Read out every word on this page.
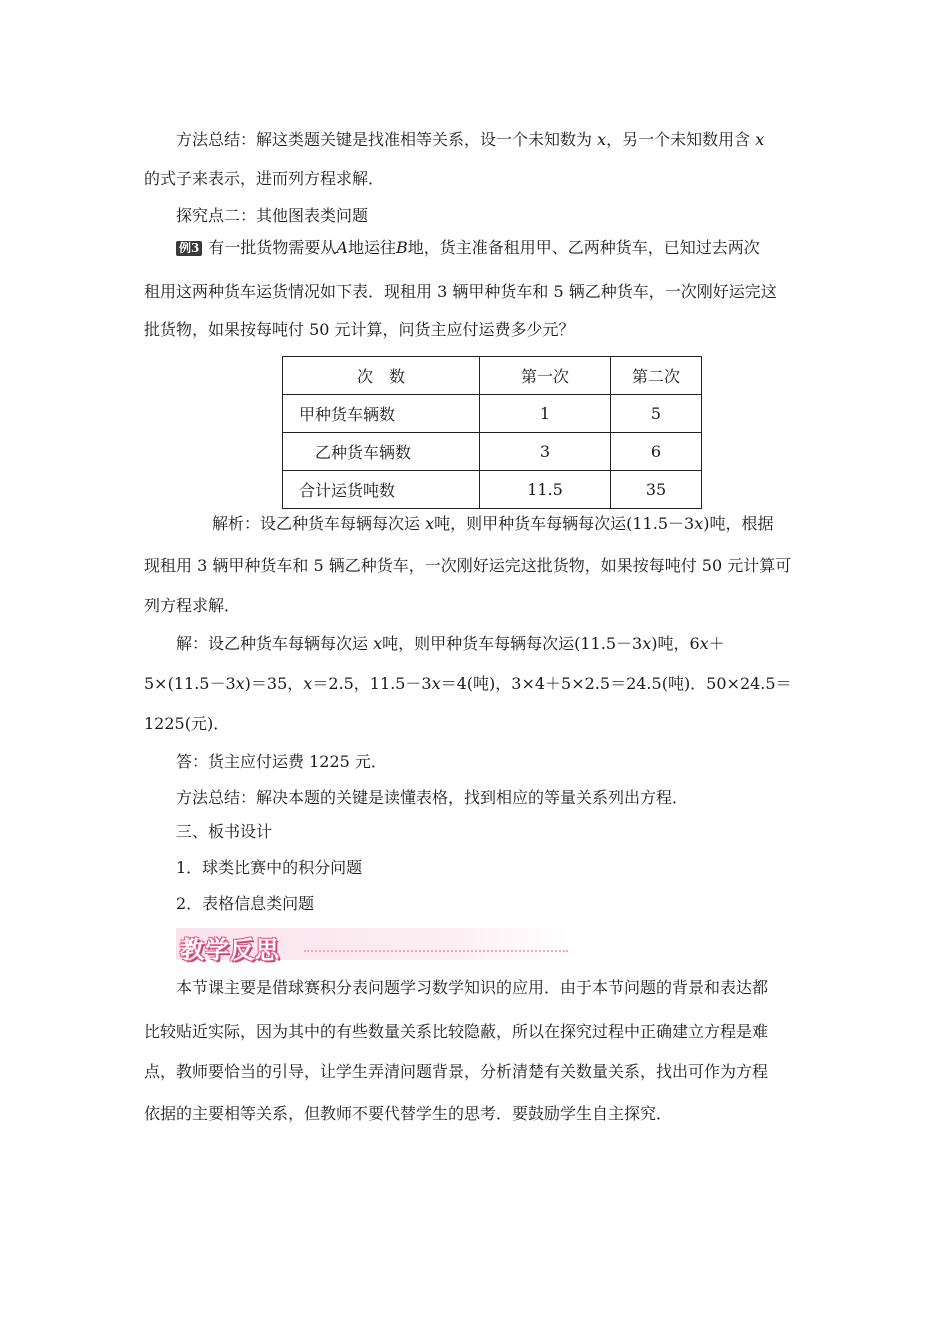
方法总结：解这类题关键是找准相等关系，设一个未知数为 x，另一个未知数用含 x
的式子来表示，进而列方程求解．
探究点二：其他图表类问题
例3 有一批货物需要从A地运往B地，货主准备租用甲、乙两种货车，已知过去两次
租用这两种货车运货情况如下表．现租用 3 辆甲种货车和 5 辆乙种货车，一次刚好运完这
批货物，如果按每吨付 50 元计算，问货主应付运费多少元？
次　数	第一次	第二次
甲种货车辆数	1	5
乙种货车辆数	3	6
合计运货吨数	11.5	35
解析：设乙种货车每辆每次运 x吨，则甲种货车每辆每次运(11.5－3x)吨，根据
现租用 3 辆甲种货车和 5 辆乙种货车，一次刚好运完这批货物，如果按每吨付 50 元计算可
列方程求解．
解：设乙种货车每辆每次运 x吨，则甲种货车每辆每次运(11.5－3x)吨，6x＋
5×(11.5－3x)＝35，x＝2.5，11.5－3x＝4(吨)，3×4＋5×2.5＝24.5(吨)．50×24.5＝
1225(元)．
答：货主应付运费 1225 元．
方法总结：解决本题的关键是读懂表格，找到相应的等量关系列出方程．
三、板书设计
1．球类比赛中的积分问题
2．表格信息类问题
教学反思
本节课主要是借球赛积分表问题学习数学知识的应用．由于本节问题的背景和表达都
比较贴近实际，因为其中的有些数量关系比较隐蔽，所以在探究过程中正确建立方程是难
点，教师要恰当的引导，让学生弄清问题背景，分析清楚有关数量关系，找出可作为方程
依据的主要相等关系，但教师不要代替学生的思考．要鼓励学生自主探究．
